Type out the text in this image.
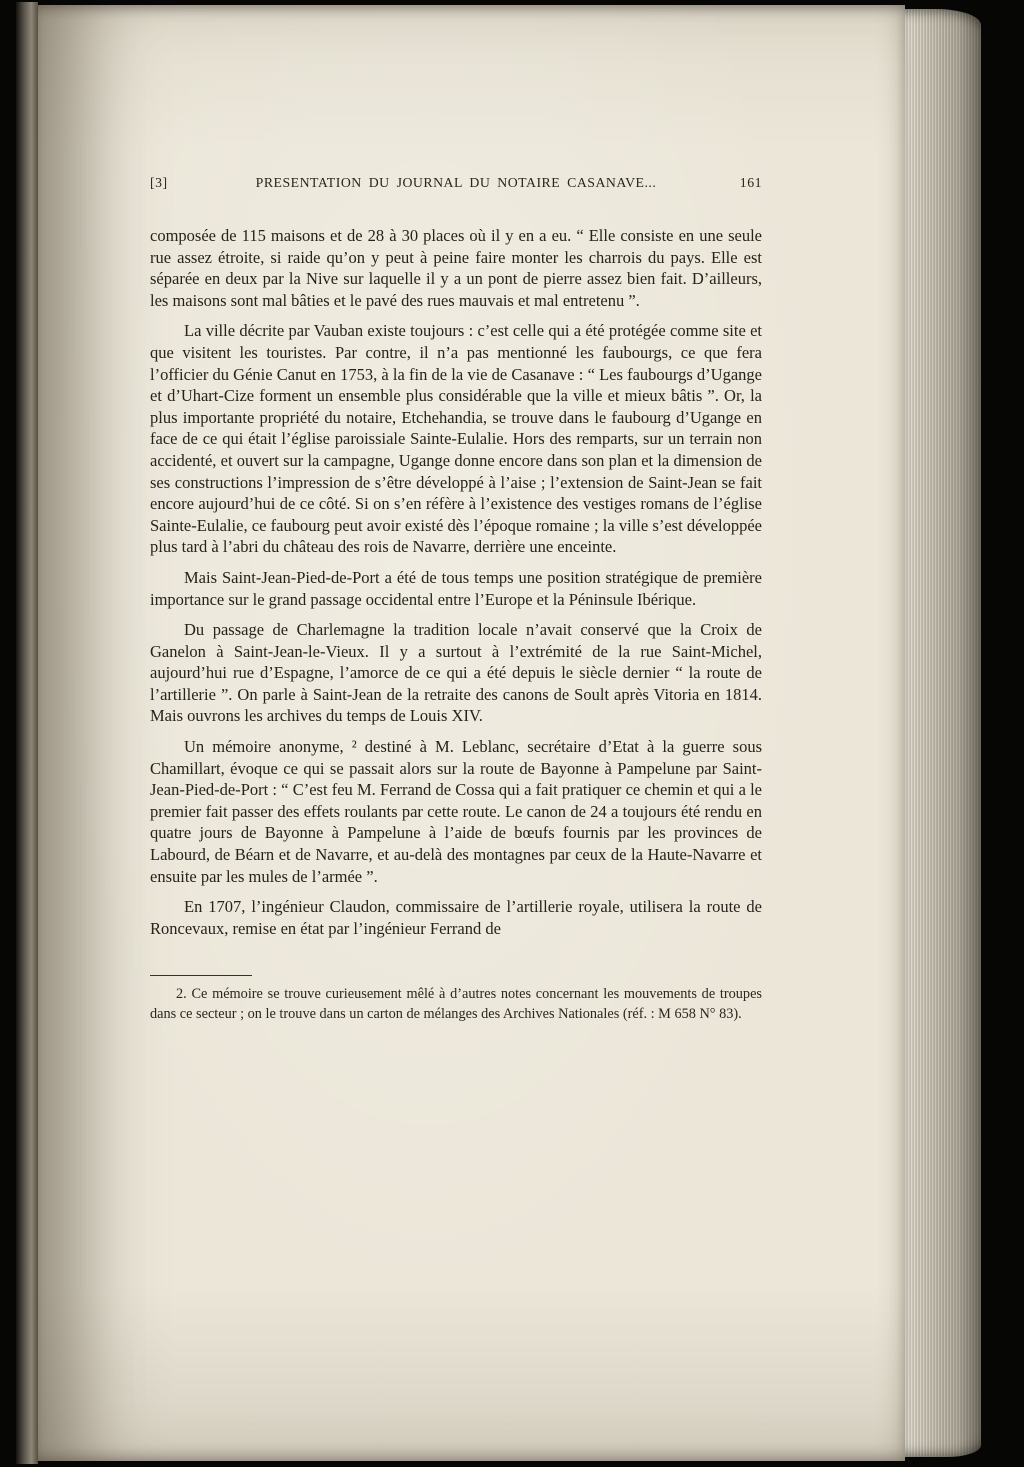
[3]	PRESENTATION DU JOURNAL DU NOTAIRE CASANAVE...	161

composée de 115 maisons et de 28 à 30 places où il y en a eu. “ Elle consiste en une seule rue assez étroite, si raide qu’on y peut à peine faire monter les charrois du pays. Elle est séparée en deux par la Nive sur laquelle il y a un pont de pierre assez bien fait. D’ailleurs, les maisons sont mal bâties et le pavé des rues mauvais et mal entretenu ”.

La ville décrite par Vauban existe toujours : c’est celle qui a été protégée comme site et que visitent les touristes. Par contre, il n’a pas mentionné les faubourgs, ce que fera l’officier du Génie Canut en 1753, à la fin de la vie de Casanave : “ Les faubourgs d’Ugange et d’Uhart-Cize forment un ensemble plus considérable que la ville et mieux bâtis ”. Or, la plus importante propriété du notaire, Etchehandia, se trouve dans le faubourg d’Ugange en face de ce qui était l’église paroissiale Sainte-Eulalie. Hors des remparts, sur un terrain non accidenté, et ouvert sur la campagne, Ugange donne encore dans son plan et la dimension de ses constructions l’impression de s’être développé à l’aise ; l’extension de Saint-Jean se fait encore aujourd’hui de ce côté. Si on s’en réfère à l’existence des vestiges romans de l’église Sainte-Eulalie, ce faubourg peut avoir existé dès l’époque romaine ; la ville s’est développée plus tard à l’abri du château des rois de Navarre, derrière une enceinte.

Mais Saint-Jean-Pied-de-Port a été de tous temps une position stratégique de première importance sur le grand passage occidental entre l’Europe et la Péninsule Ibérique.

Du passage de Charlemagne la tradition locale n’avait conservé que la Croix de Ganelon à Saint-Jean-le-Vieux. Il y a surtout à l’extrémité de la rue Saint-Michel, aujourd’hui rue d’Espagne, l’amorce de ce qui a été depuis le siècle dernier “ la route de l’artillerie ”. On parle à Saint-Jean de la retraite des canons de Soult après Vitoria en 1814. Mais ouvrons les archives du temps de Louis XIV.

Un mémoire anonyme, ² destiné à M. Leblanc, secrétaire d’Etat à la guerre sous Chamillart, évoque ce qui se passait alors sur la route de Bayonne à Pampelune par Saint-Jean-Pied-de-Port : “ C’est feu M. Ferrand de Cossa qui a fait pratiquer ce chemin et qui a le premier fait passer des effets roulants par cette route. Le canon de 24 a toujours été rendu en quatre jours de Bayonne à Pampelune à l’aide de bœufs fournis par les provinces de Labourd, de Béarn et de Navarre, et au-delà des montagnes par ceux de la Haute-Navarre et ensuite par les mules de l’armée ”.

En 1707, l’ingénieur Claudon, commissaire de l’artillerie royale, utilisera la route de Roncevaux, remise en état par l’ingénieur Ferrand de

2. Ce mémoire se trouve curieusement mêlé à d’autres notes concernant les mouvements de troupes dans ce secteur ; on le trouve dans un carton de mélanges des Archives Nationales (réf. : M 658 N° 83).
